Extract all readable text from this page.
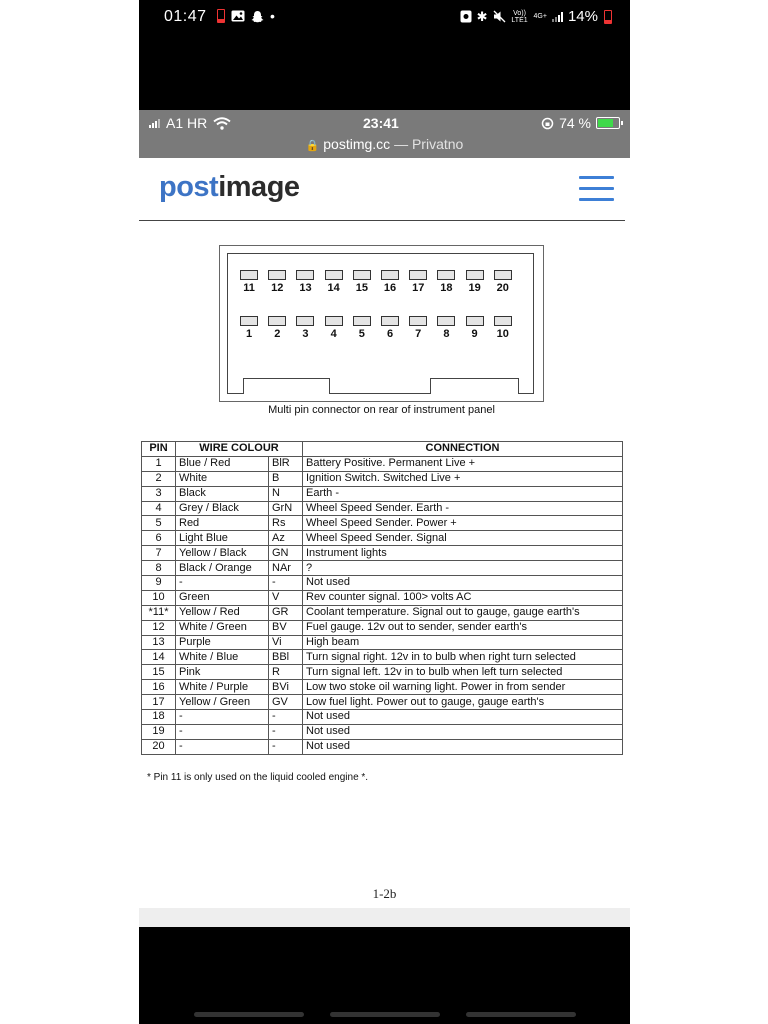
01:47	•	✱	Vo)) LTE1 4G+ 14%
A1 HR	23:41	74 %
🔒 postimg.cc — Privatno
postimage
11	12	13	14	15	16	17	18	19	20
1	2	3	4	5	6	7	8	9	10
Multi pin connector on rear of instrument panel
PIN	WIRE COLOUR		CONNECTION
1	Blue / Red	BlR	Battery Positive. Permanent Live +
2	White	B	Ignition Switch. Switched Live +
3	Black	N	Earth -
4	Grey / Black	GrN	Wheel Speed Sender. Earth -
5	Red	Rs	Wheel Speed Sender. Power +
6	Light Blue	Az	Wheel Speed Sender. Signal
7	Yellow / Black	GN	Instrument lights
8	Black / Orange	NAr	?
9	-	-	Not used
10	Green	V	Rev counter signal. 100> volts AC
*11*	Yellow / Red	GR	Coolant temperature. Signal out to gauge, gauge earth's
12	White / Green	BV	Fuel gauge. 12v out to sender, sender earth's
13	Purple	Vi	High beam
14	White / Blue	BBl	Turn signal right. 12v in to bulb when right turn selected
15	Pink	R	Turn signal left. 12v in to bulb when left turn selected
16	White / Purple	BVi	Low two stoke oil warning light. Power in from sender
17	Yellow / Green	GV	Low fuel light. Power out to gauge, gauge earth's
18	-	-	Not used
19	-	-	Not used
20	-	-	Not used
* Pin 11 is only used on the liquid cooled engine *.
1-2b
